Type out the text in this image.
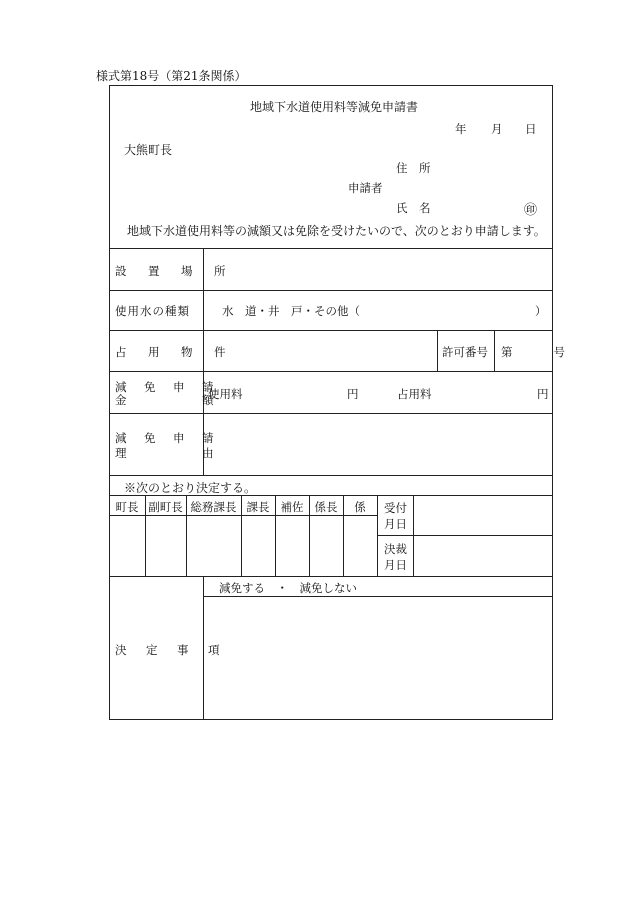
様式第18号（第21条関係）
地域下水道使用料等減免申請書
年 月 日
大熊町長
住　所
申請者
氏　名	㊞
地域下水道使用料等の減額又は免除を受けたいので、次のとおり申請します。
設　置　場　所
使用水の種類	水　道・井　戸・その他（	）
占　用　物　件	許可番号 第　　号
減　免　申　請
金　　　　　額
使用料	円	占用料	円
減　免　申　請
理　　　　　由
※次のとおり決定する。
町長 副町長 総務課長 課長 補佐 係長	係	受付
月日
決裁
月日
減免する　・　減免しない
決　定　事　項
